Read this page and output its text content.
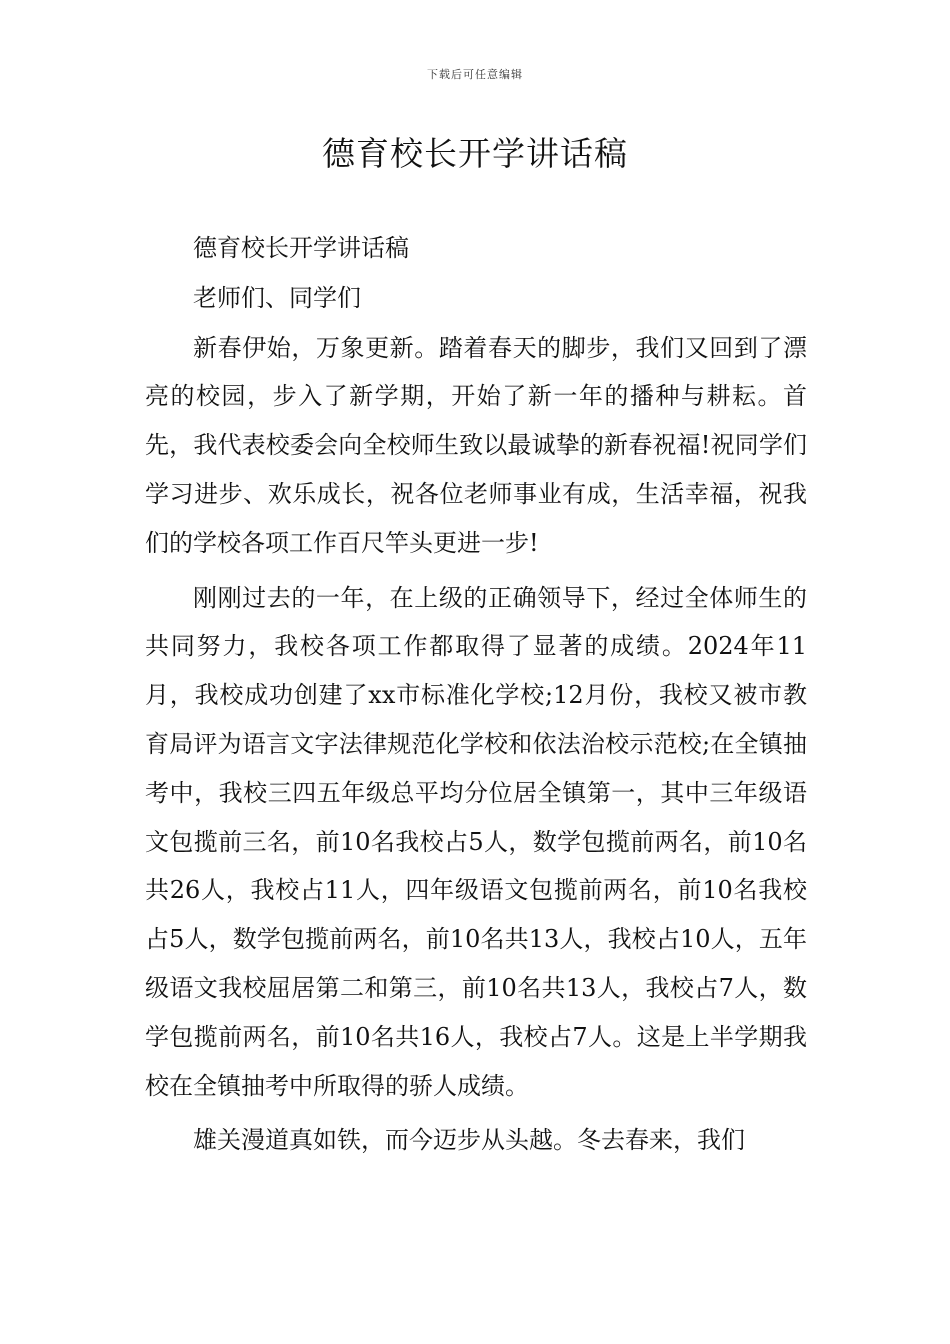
下载后可任意编辑
德育校长开学讲话稿

德育校长开学讲话稿

老师们、同学们

新春伊始，万象更新。踏着春天的脚步，我们又回到了漂亮的校园，步入了新学期，开始了新一年的播种与耕耘。首先，我代表校委会向全校师生致以最诚挚的新春祝福!祝同学们学习进步、欢乐成长，祝各位老师事业有成，生活幸福，祝我们的学校各项工作百尺竿头更进一步!

刚刚过去的一年，在上级的正确领导下，经过全体师生的共同努力，我校各项工作都取得了显著的成绩。2024年11月，我校成功创建了xx市标准化学校;12月份，我校又被市教育局评为语言文字法律规范化学校和依法治校示范校;在全镇抽考中，我校三四五年级总平均分位居全镇第一，其中三年级语文包揽前三名，前10名我校占5人，数学包揽前两名，前10名共26人，我校占11人，四年级语文包揽前两名，前10名我校占5人，数学包揽前两名，前10名共13人，我校占10人，五年级语文我校屈居第二和第三，前10名共13人，我校占7人，数学包揽前两名，前10名共16人，我校占7人。这是上半学期我校在全镇抽考中所取得的骄人成绩。

雄关漫道真如铁，而今迈步从头越。冬去春来，我们
